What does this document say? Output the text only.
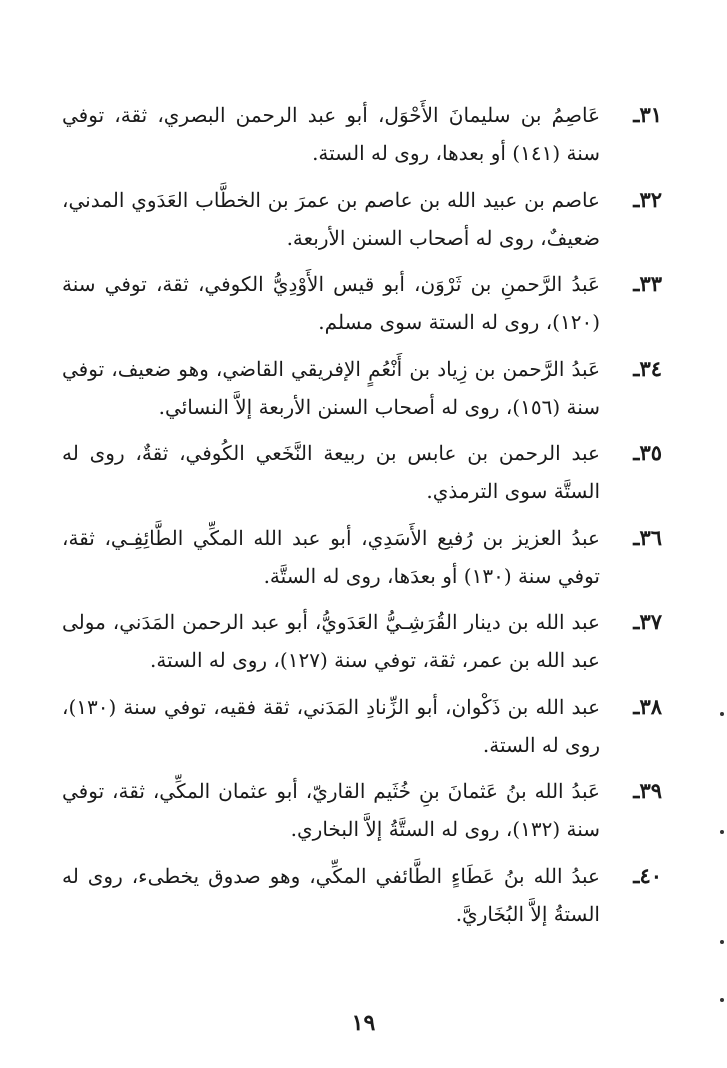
٣١ـ
عَاصِمُ بن سليمانَ الأَحْوَل، أبو عبد الرحمن البصري، ثقة، توفي سنة (١٤١) أو بعدها، روى له الستة.
٣٢ـ
عاصم بن عبيد الله بن عاصم بن عمرَ بن الخطَّاب العَدَوي المدني، ضعيفٌ، روى له أصحاب السنن الأربعة.
٣٣ـ
عَبدُ الرَّحمنِ بن ثَرْوَن، أبو قيس الأَوْدِيُّ الكوفي، ثقة، توفي سنة (١٢٠)، روى له الستة سوى مسلم.
٣٤ـ
عَبدُ الرَّحمن بن زِياد بن أَنْعُمٍ الإفريقي القاضي، وهو ضعيف، توفي سنة (١٥٦)، روى له أصحاب السنن الأربعة إلاَّ النسائي.
٣٥ـ
عبد الرحمن بن عابس بن ربيعة النَّخَعي الكُوفي، ثقةٌ، روى له الستَّة سوى الترمذي.
٣٦ـ
عبدُ العزيز بن رُفيع الأَسَدِي، أبو عبد الله المكِّي الطَّائِفِـي، ثقة، توفي سنة (١٣٠) أو بعدَها، روى له الستَّة.
٣٧ـ
عبد الله بن دينار القُرَشِـيُّ العَدَويُّ، أبو عبد الرحمن المَدَني، مولى عبد الله بن عمر، ثقة، توفي سنة (١٢٧)، روى له الستة.
٣٨ـ
عبد الله بن ذَكْوان، أبو الزِّنادِ المَدَني، ثقة فقيه، توفي سنة (١٣٠)، روى له الستة.
٣٩ـ
عَبدُ الله بنُ عَثمانَ بنِ خُثَيم القاريّ، أبو عثمان المكِّي، ثقة، توفي سنة (١٣٢)، روى له الستَّةُ إلاَّ البخاري.
٤٠ـ
عبدُ الله بنُ عَطَاءٍ الطَّائفي المكِّي، وهو صدوق يخطىء، روى له الستةُ إلاَّ البُخَاريَّ.
١٩
